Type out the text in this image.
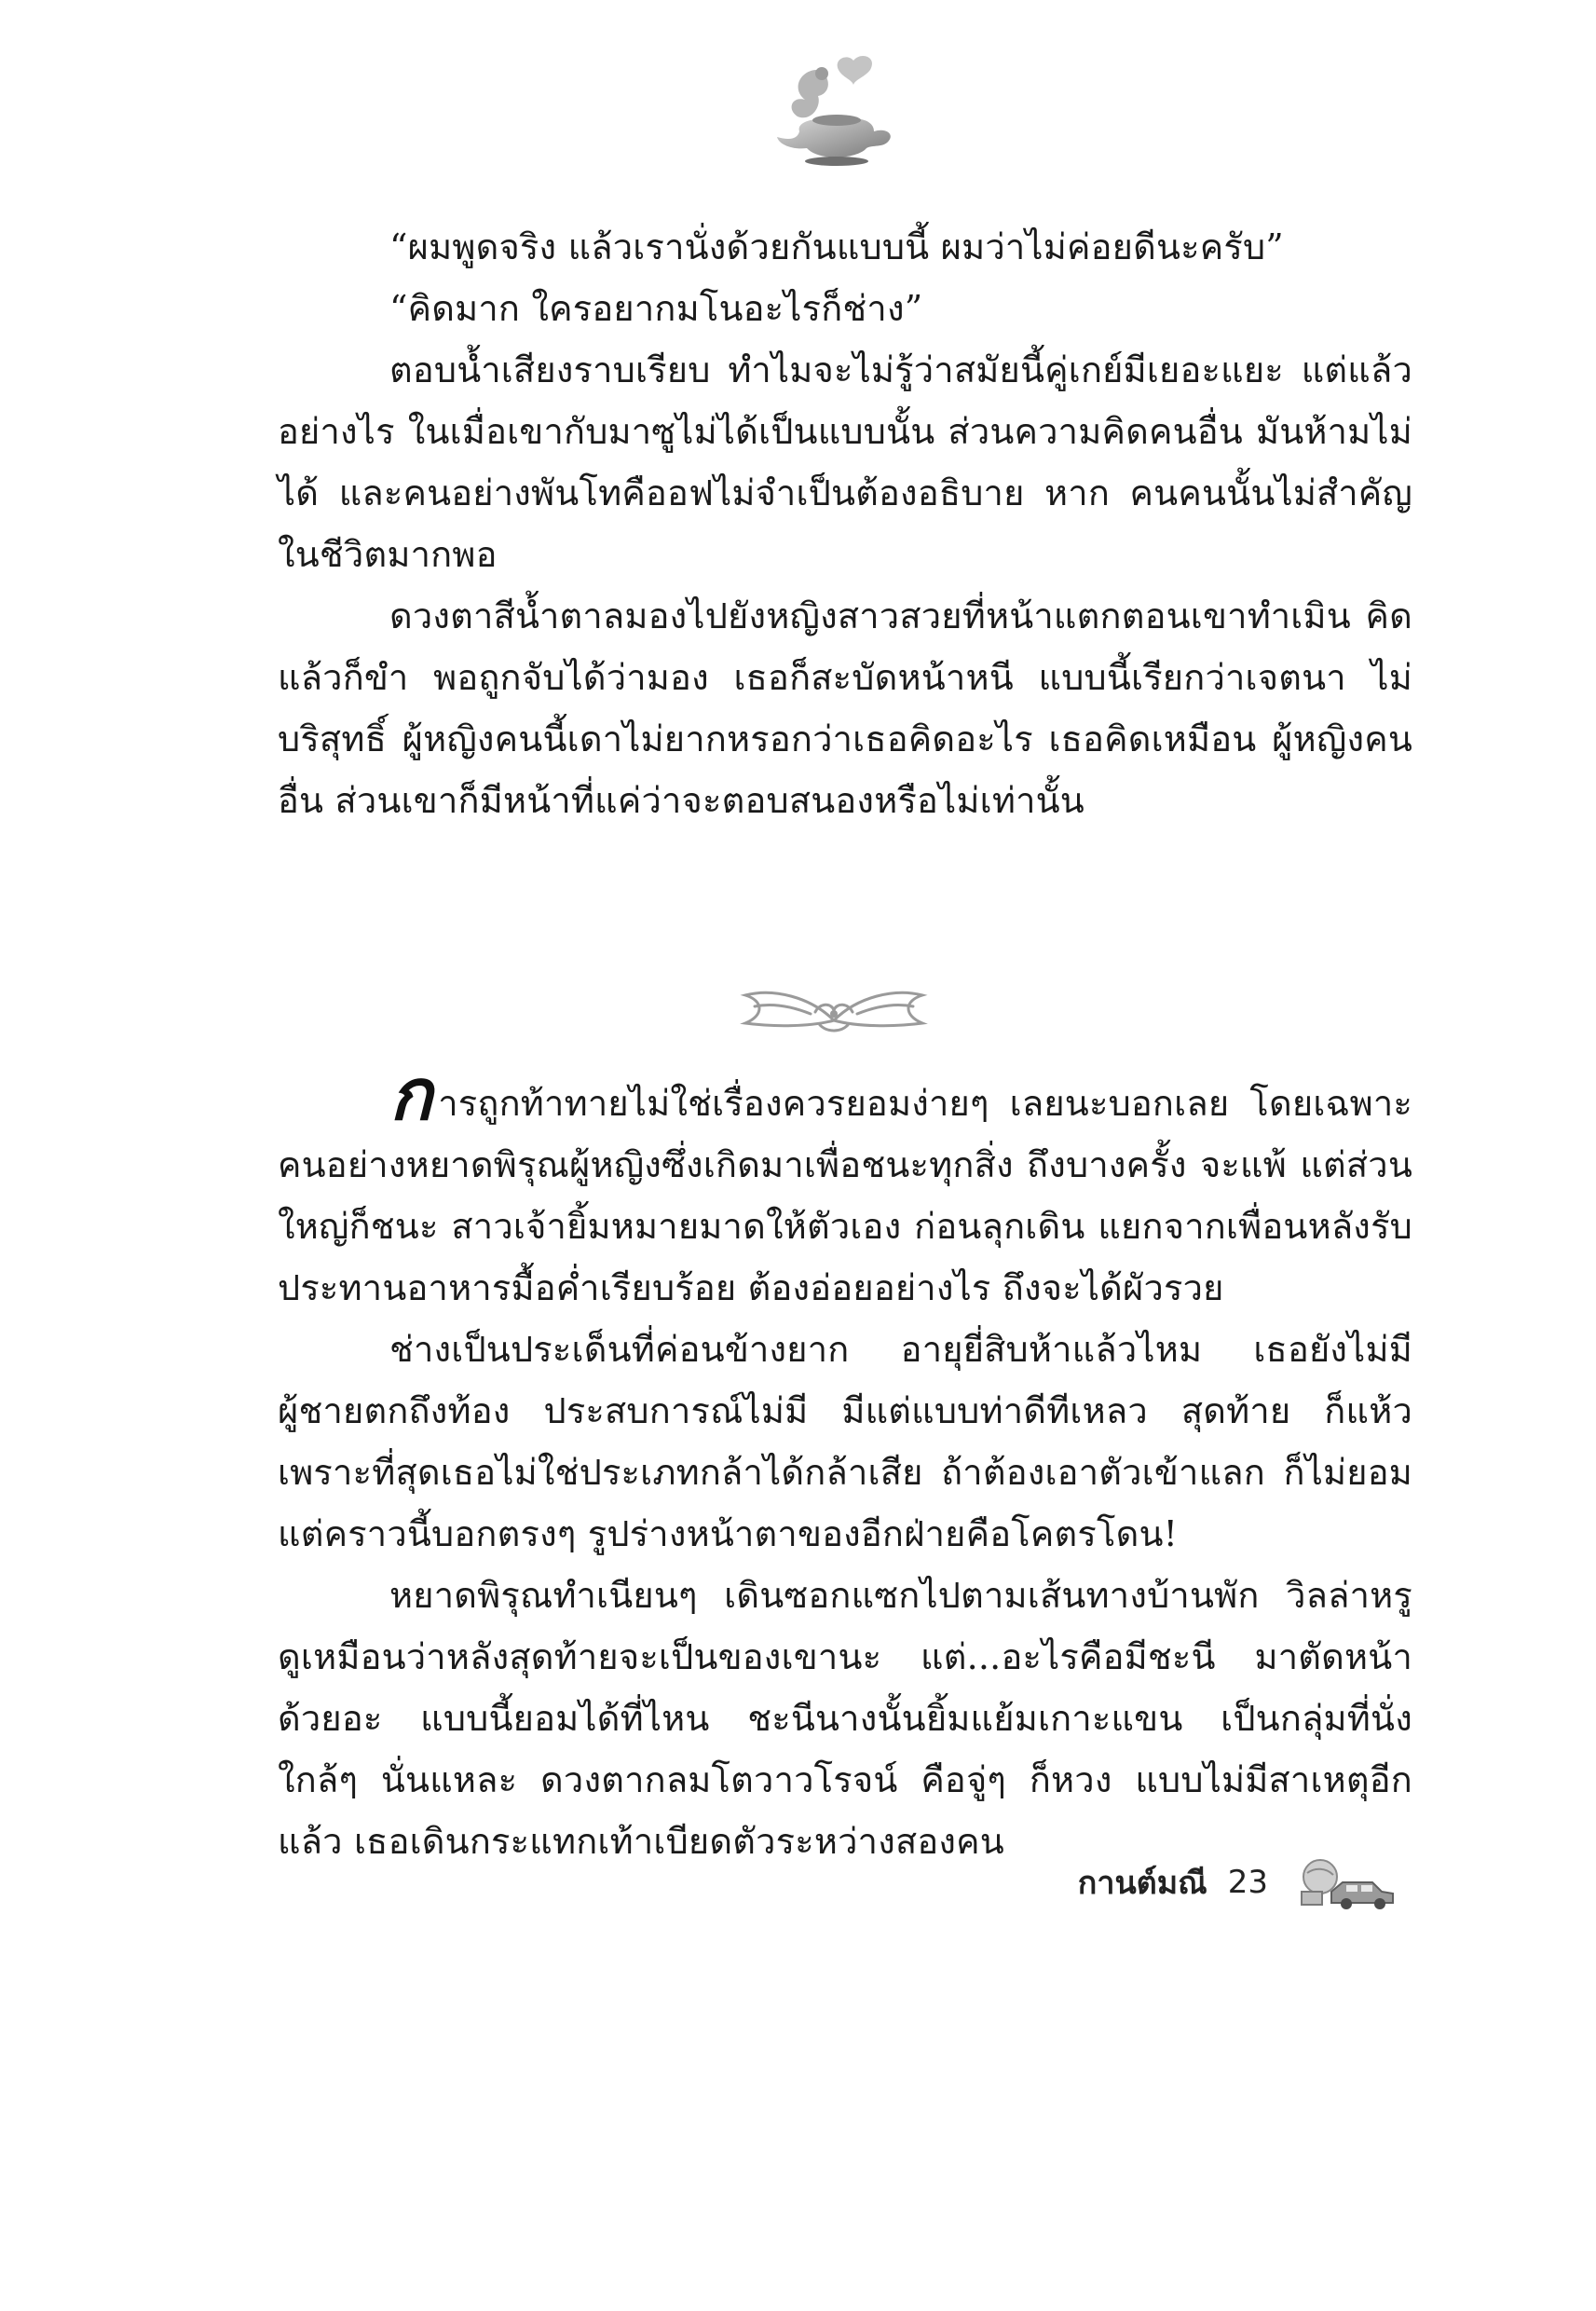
“ผมพูดจริง แล้วเรานั่งด้วยกันแบบนี้ ผมว่าไม่ค่อยดีนะครับ”

“คิดมาก ใครอยากมโนอะไรก็ช่าง”

ตอบน้ำเสียงราบเรียบ ทำไมจะไม่รู้ว่าสมัยนี้คู่เกย์มีเยอะแยะ แต่แล้วอย่างไร ในเมื่อเขากับมาซูไม่ได้เป็นแบบนั้น ส่วนความคิดคนอื่น มันห้ามไม่ได้ และคนอย่างพันโทคืออฟไม่จำเป็นต้องอธิบาย หาก คนคนนั้นไม่สำคัญในชีวิตมากพอ

ดวงตาสีน้ำตาลมองไปยังหญิงสาวสวยที่หน้าแตกตอนเขาทำเมิน คิดแล้วก็ขำ พอถูกจับได้ว่ามอง เธอก็สะบัดหน้าหนี แบบนี้เรียกว่าเจตนา ไม่บริสุทธิ์ ผู้หญิงคนนี้เดาไม่ยากหรอกว่าเธอคิดอะไร เธอคิดเหมือน ผู้หญิงคนอื่น ส่วนเขาก็มีหน้าที่แค่ว่าจะตอบสนองหรือไม่เท่านั้น

การถูกท้าทายไม่ใช่เรื่องควรยอมง่ายๆ เลยนะบอกเลย โดยเฉพาะคนอย่างหยาดพิรุณผู้หญิงซึ่งเกิดมาเพื่อชนะทุกสิ่ง ถึงบางครั้ง จะแพ้ แต่ส่วนใหญ่ก็ชนะ สาวเจ้ายิ้มหมายมาดให้ตัวเอง ก่อนลุกเดิน แยกจากเพื่อนหลังรับประทานอาหารมื้อค่ำเรียบร้อย ต้องอ่อยอย่างไร ถึงจะได้ผัวรวย

ช่างเป็นประเด็นที่ค่อนข้างยาก อายุยี่สิบห้าแล้วไหม เธอยังไม่มี ผู้ชายตกถึงท้อง ประสบการณ์ไม่มี มีแต่แบบท่าดีทีเหลว สุดท้าย ก็แห้วเพราะที่สุดเธอไม่ใช่ประเภทกล้าได้กล้าเสีย ถ้าต้องเอาตัวเข้าแลก ก็ไม่ยอม แต่คราวนี้บอกตรงๆ รูปร่างหน้าตาของอีกฝ่ายคือโคตรโดน!

หยาดพิรุณทำเนียนๆ เดินซอกแซกไปตามเส้นทางบ้านพัก วิลล่าหรู ดูเหมือนว่าหลังสุดท้ายจะเป็นของเขานะ แต่...อะไรคือมีชะนี มาตัดหน้าด้วยอะ แบบนี้ยอมได้ที่ไหน ชะนีนางนั้นยิ้มแย้มเกาะแขน เป็นกลุ่มที่นั่งใกล้ๆ นั่นแหละ ดวงตากลมโตวาวโรจน์ คือจู่ๆ ก็หวง แบบไม่มีสาเหตุอีกแล้ว เธอเดินกระแทกเท้าเบียดตัวระหว่างสองคน

กานต์มณี 23
